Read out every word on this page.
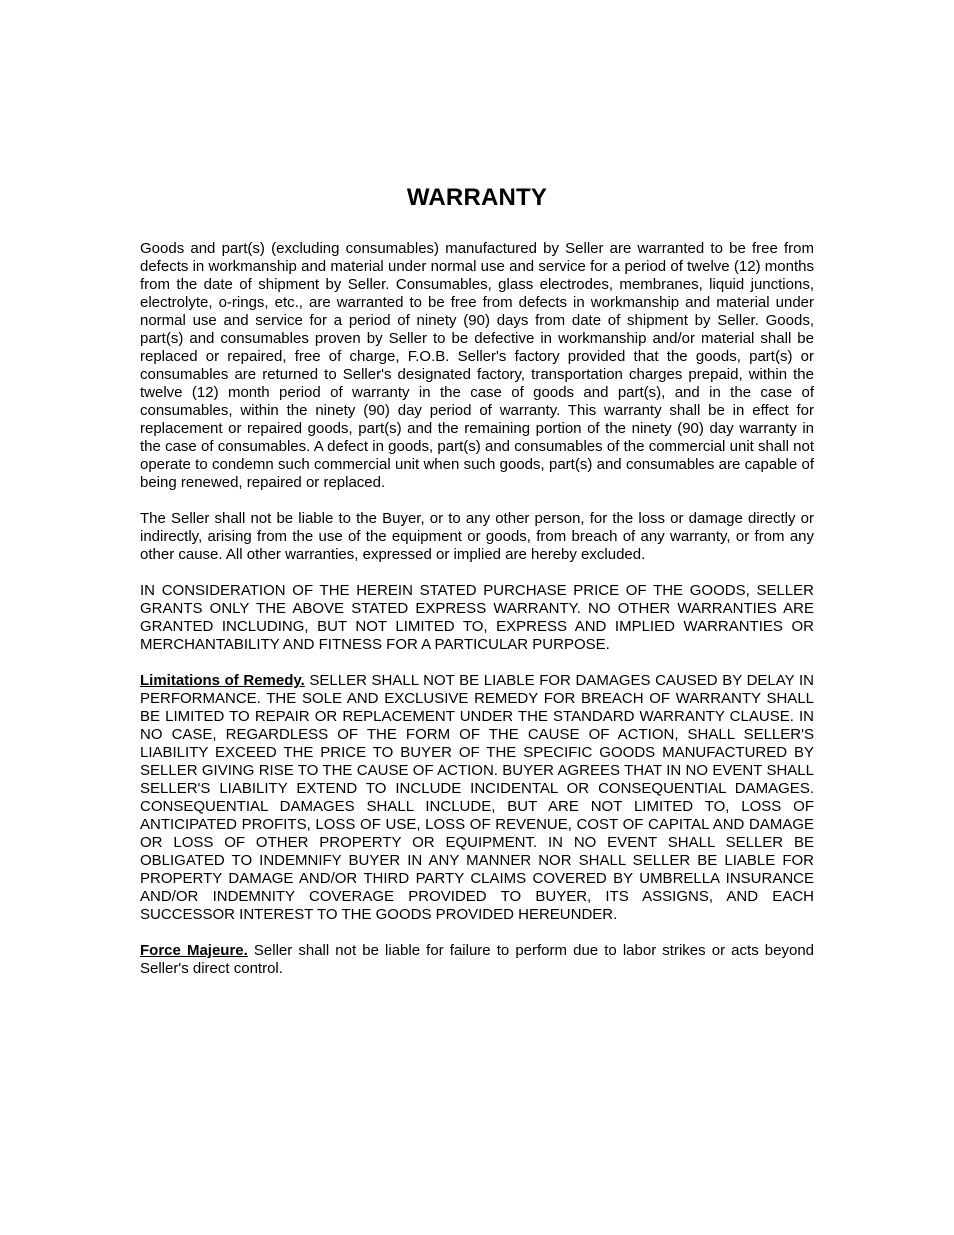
WARRANTY

Goods and part(s) (excluding consumables) manufactured by Seller are warranted to be free from defects in workmanship and material under normal use and service for a period of twelve (12) months from the date of shipment by Seller. Consumables, glass electrodes, membranes, liquid junctions, electrolyte, o-rings, etc., are warranted to be free from defects in workmanship and material under normal use and service for a period of ninety (90) days from date of shipment by Seller. Goods, part(s) and consumables proven by Seller to be defective in workmanship and/or material shall be replaced or repaired, free of charge, F.O.B. Seller's factory provided that the goods, part(s) or consumables are returned to Seller's designated factory, transportation charges prepaid, within the twelve (12) month period of warranty in the case of goods and part(s), and in the case of consumables, within the ninety (90) day period of warranty. This warranty shall be in effect for replacement or repaired goods, part(s) and the remaining portion of the ninety (90) day warranty in the case of consumables. A defect in goods, part(s) and consumables of the commercial unit shall not operate to condemn such commercial unit when such goods, part(s) and consumables are capable of being renewed, repaired or replaced.

The Seller shall not be liable to the Buyer, or to any other person, for the loss or damage directly or indirectly, arising from the use of the equipment or goods, from breach of any warranty, or from any other cause. All other warranties, expressed or implied are hereby excluded.

IN CONSIDERATION OF THE HEREIN STATED PURCHASE PRICE OF THE GOODS, SELLER GRANTS ONLY THE ABOVE STATED EXPRESS WARRANTY. NO OTHER WARRANTIES ARE GRANTED INCLUDING, BUT NOT LIMITED TO, EXPRESS AND IMPLIED WARRANTIES OR MERCHANTABILITY AND FITNESS FOR A PARTICULAR PURPOSE.

Limitations of Remedy. SELLER SHALL NOT BE LIABLE FOR DAMAGES CAUSED BY DELAY IN PERFORMANCE. THE SOLE AND EXCLUSIVE REMEDY FOR BREACH OF WARRANTY SHALL BE LIMITED TO REPAIR OR REPLACEMENT UNDER THE STANDARD WARRANTY CLAUSE. IN NO CASE, REGARDLESS OF THE FORM OF THE CAUSE OF ACTION, SHALL SELLER'S LIABILITY EXCEED THE PRICE TO BUYER OF THE SPECIFIC GOODS MANUFACTURED BY SELLER GIVING RISE TO THE CAUSE OF ACTION. BUYER AGREES THAT IN NO EVENT SHALL SELLER'S LIABILITY EXTEND TO INCLUDE INCIDENTAL OR CONSEQUENTIAL DAMAGES. CONSEQUENTIAL DAMAGES SHALL INCLUDE, BUT ARE NOT LIMITED TO, LOSS OF ANTICIPATED PROFITS, LOSS OF USE, LOSS OF REVENUE, COST OF CAPITAL AND DAMAGE OR LOSS OF OTHER PROPERTY OR EQUIPMENT. IN NO EVENT SHALL SELLER BE OBLIGATED TO INDEMNIFY BUYER IN ANY MANNER NOR SHALL SELLER BE LIABLE FOR PROPERTY DAMAGE AND/OR THIRD PARTY CLAIMS COVERED BY UMBRELLA INSURANCE AND/OR INDEMNITY COVERAGE PROVIDED TO BUYER, ITS ASSIGNS, AND EACH SUCCESSOR INTEREST TO THE GOODS PROVIDED HEREUNDER.

Force Majeure. Seller shall not be liable for failure to perform due to labor strikes or acts beyond Seller's direct control.
